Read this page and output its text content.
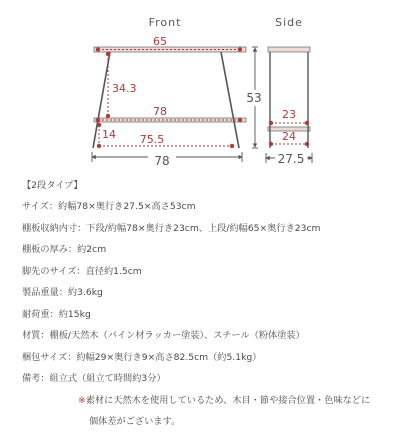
Front	Side
65
34.3
78
14 75.5
78
53
23
24
27.5
【2段タイプ】
サイズ：約幅78×奥行き27.5×高さ53cm
棚板収納内寸：下段/約幅78×奥行き23cm、上段/約幅65×奥行き23cm
棚板の厚み：約2cm
脚先のサイズ：直径約1.5cm
製品重量：約3.6kg
耐荷重：約15kg
材質：棚板/天然木（パイン材ラッカー塗装）、スチール（粉体塗装）
梱包サイズ：約幅29×奥行き9×高さ82.5cm（約5.1kg）
備考：組立式（組立て時間約3分）
※素材に天然木を使用しているため、木目・節や接合位置・色味などに
個体差がございます。
